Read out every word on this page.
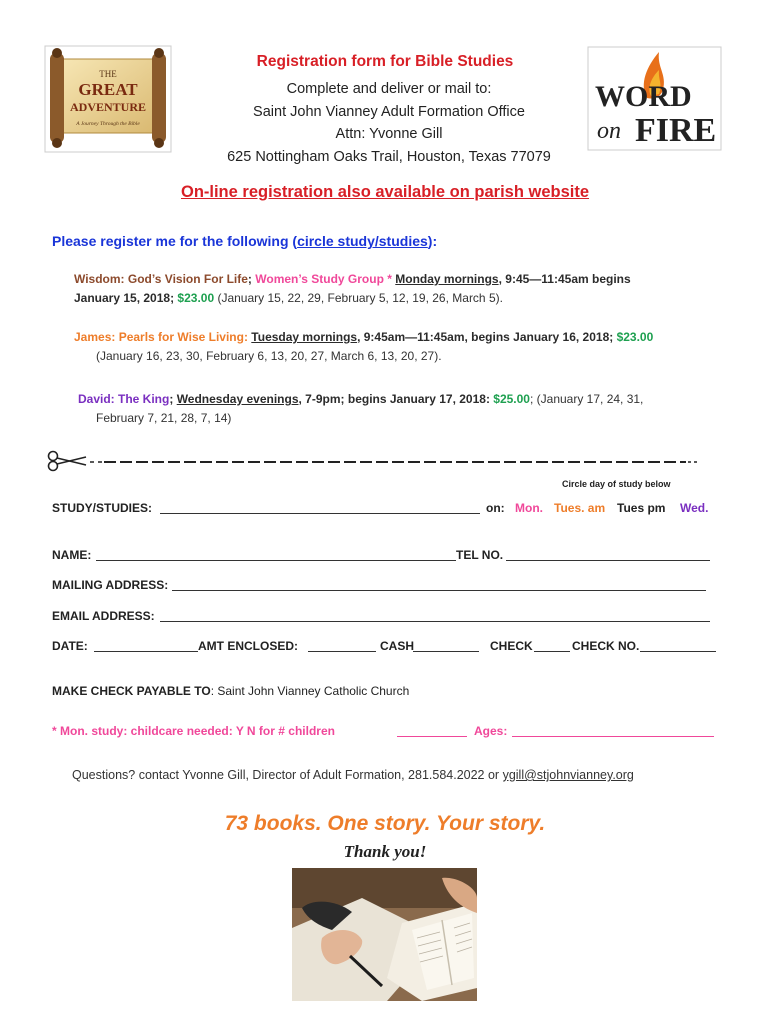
THE
GREAT
ADVENTURE
A Journey Through the Bible
WORD
on FIRE
Registration form for Bible Studies
Complete and deliver or mail to:
Saint John Vianney Adult Formation Office
Attn: Yvonne Gill
625 Nottingham Oaks Trail, Houston, Texas 77079
On-line registration also available on parish website
Please register me for the following (circle study/studies):
Wisdom: God’s Vision For Life; Women’s Study Group * Monday mornings, 9:45—11:45am begins
January 15, 2018; $23.00 (January 15, 22, 29, February 5, 12, 19, 26, March 5).
James: Pearls for Wise Living: Tuesday mornings, 9:45am—11:45am, begins January 16, 2018; $23.00
(January 16, 23, 30, February 6, 13, 20, 27, March 6, 13, 20, 27).
David: The King; Wednesday evenings, 7-9pm; begins January 17, 2018: $25.00; (January 17, 24, 31,
February 7, 21, 28, 7, 14)
Circle day of study below
STUDY/STUDIES:	on: Mon. Tues. am Tues pm Wed.
NAME:	TEL NO.
MAILING ADDRESS:
EMAIL ADDRESS:
DATE:	AMT ENCLOSED:	CASH	CHECK	CHECK NO.
MAKE CHECK PAYABLE TO: Saint John Vianney Catholic Church
* Mon. study: childcare needed: Y N for # children	Ages:
Questions? contact Yvonne Gill, Director of Adult Formation, 281.584.2022 or ygill@stjohnvianney.org
73 books. One story. Your story.
Thank you!
